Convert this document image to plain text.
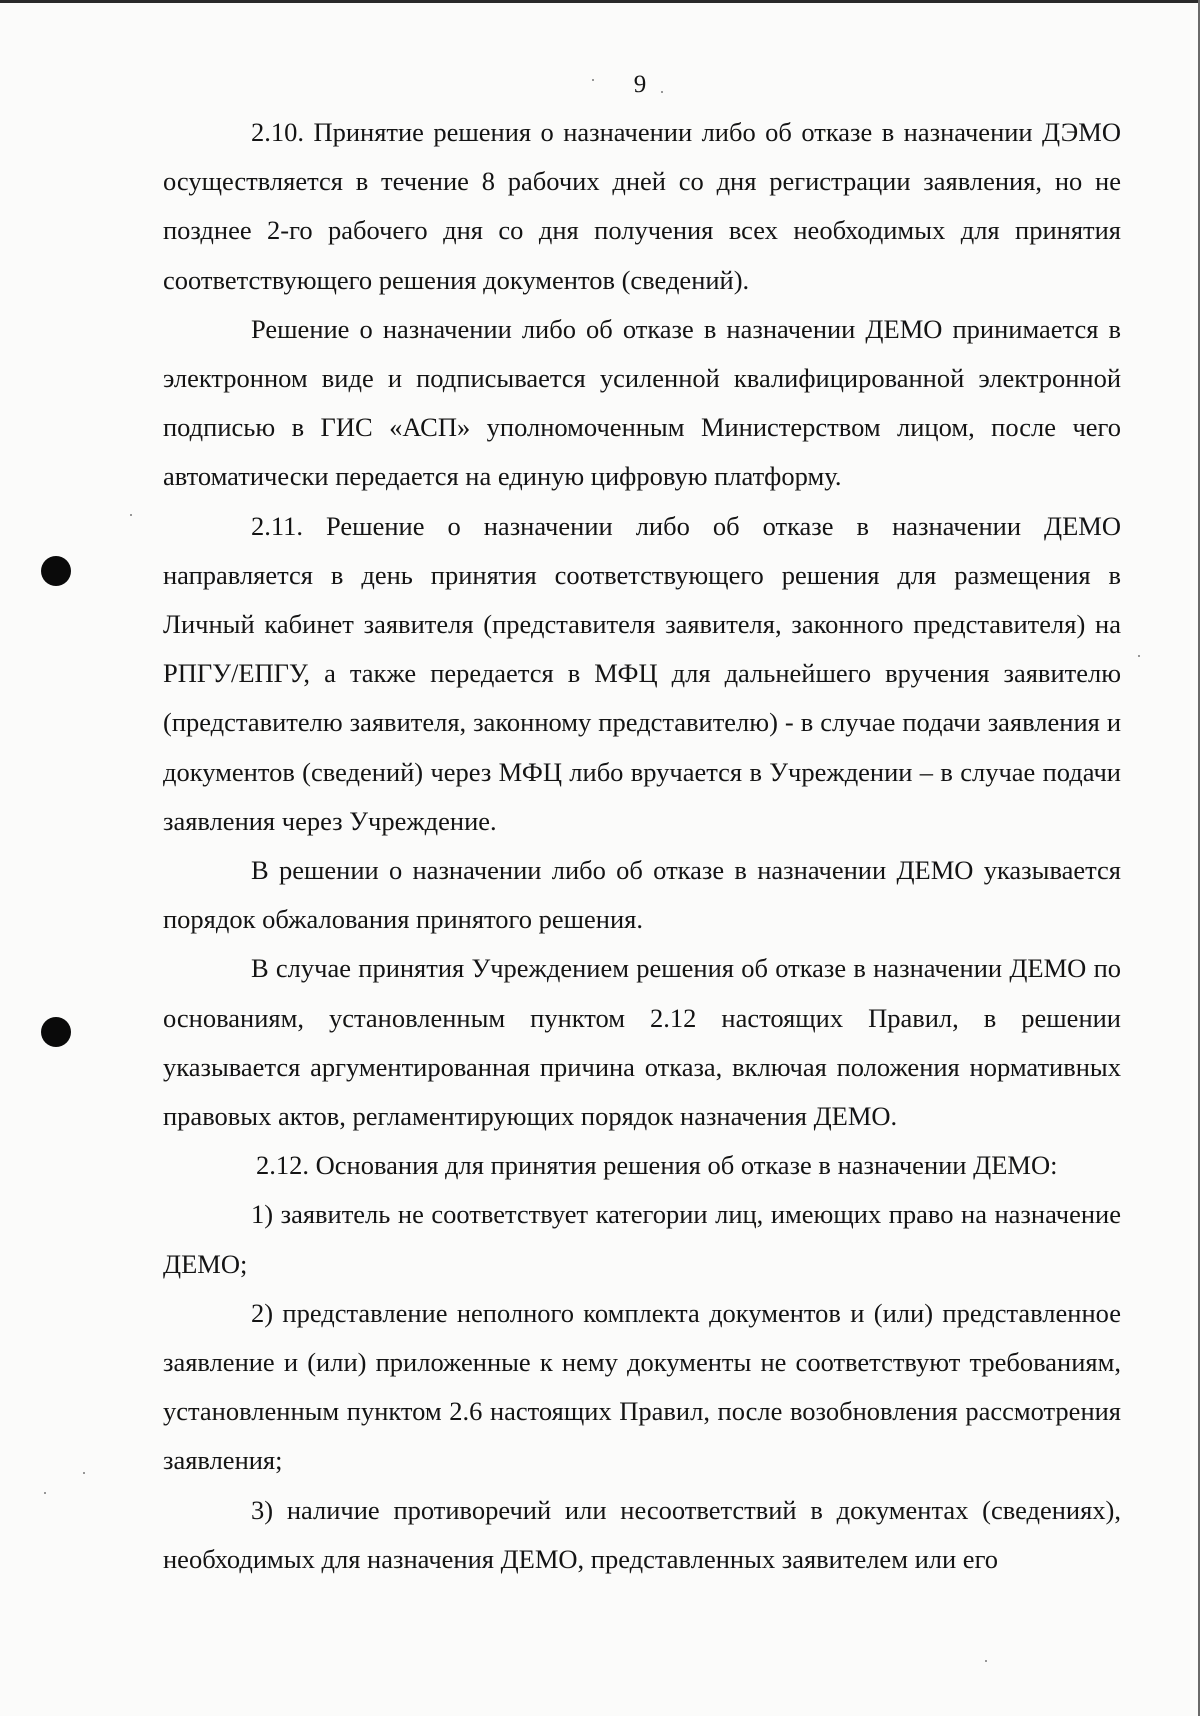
9

2.10. Принятие решения о назначении либо об отказе в назначении ДЭМО осуществляется в течение 8 рабочих дней со дня регистрации заявления, но не позднее 2-го рабочего дня со дня получения всех необходимых для принятия соответствующего решения документов (сведений).

Решение о назначении либо об отказе в назначении ДЕМО принимается в электронном виде и подписывается усиленной квалифицированной электронной подписью в ГИС «АСП» уполномоченным Министерством лицом, после чего автоматически передается на единую цифровую платформу.

2.11. Решение о назначении либо об отказе в назначении ДЕМО направляется в день принятия соответствующего решения для размещения в Личный кабинет заявителя (представителя заявителя, законного представителя) на РПГУ/ЕПГУ, а также передается в МФЦ для дальнейшего вручения заявителю (представителю заявителя, законному представителю) - в случае подачи заявления и документов (сведений) через МФЦ либо вручается в Учреждении – в случае подачи заявления через Учреждение.

В решении о назначении либо об отказе в назначении ДЕМО указывается порядок обжалования принятого решения.

В случае принятия Учреждением решения об отказе в назначении ДЕМО по основаниям, установленным пунктом 2.12 настоящих Правил, в решении указывается аргументированная причина отказа, включая положения нормативных правовых актов, регламентирующих порядок назначения ДЕМО.

2.12. Основания для принятия решения об отказе в назначении ДЕМО:

1) заявитель не соответствует категории лиц, имеющих право на назначение ДЕМО;

2) представление неполного комплекта документов и (или) представленное заявление и (или) приложенные к нему документы не соответствуют требованиям, установленным пунктом 2.6 настоящих Правил, после возобновления рассмотрения заявления;

3) наличие противоречий или несоответствий в документах (сведениях), необходимых для назначения ДЕМО, представленных заявителем или его
